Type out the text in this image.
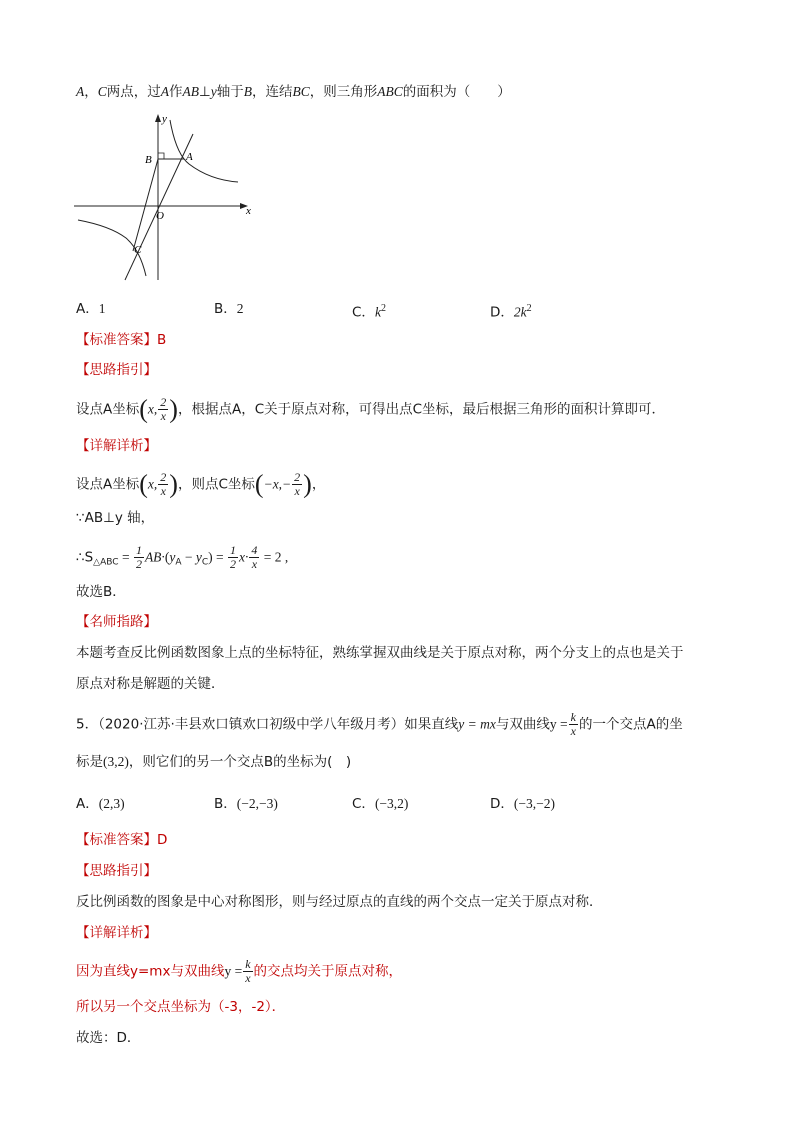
A，C两点，过A作AB⊥y轴于B，连结BC，则三角形ABC的面积为（　　）
y
x
O
A
B
C
A．1	B．2	C．$k^2$	D．$2k^2$
【标准答案】B
【思路指引】
设点A坐标(x, $\frac{2}{x}$ )，根据点A，C关于原点对称，可得出点C坐标，最后根据三角形的面积计算即可．
【详解详析】
设点A坐标(x, $\frac{2}{x}$ )，则点C坐标($-x,- \frac{2}{x}$ )，
∵AB⊥y 轴，
$\therefore S_{\triangle ABC} = \frac{1}{2} AB\cdot(y_A - y_C) = \frac{1}{2} x\cdot \frac{4}{x} = 2$ ,
故选B．
【名师指路】
本题考查反比例函数图象上点的坐标特征，熟练掌握双曲线是关于原点对称，两个分支上的点也是关于
原点对称是解题的关键．
5．（2020·江苏·丰县欢口镇欢口初级中学八年级月考）如果直线y = mx与双曲线$y = \frac{k}{x}$ 的一个交点A的坐
标是(3,2)，则它们的另一个交点B的坐标为(　)
A．(2,3)	B．(−2,−3)	C．(−3,2)	D．(−3,−2)
【标准答案】D
【思路指引】
反比例函数的图象是中心对称图形，则与经过原点的直线的两个交点一定关于原点对称．
【详解详析】
因为直线y=mx与双曲线$y = \frac{k}{x}$ 的交点均关于原点对称，
所以另一个交点坐标为（-3，-2）．
故选：D．
